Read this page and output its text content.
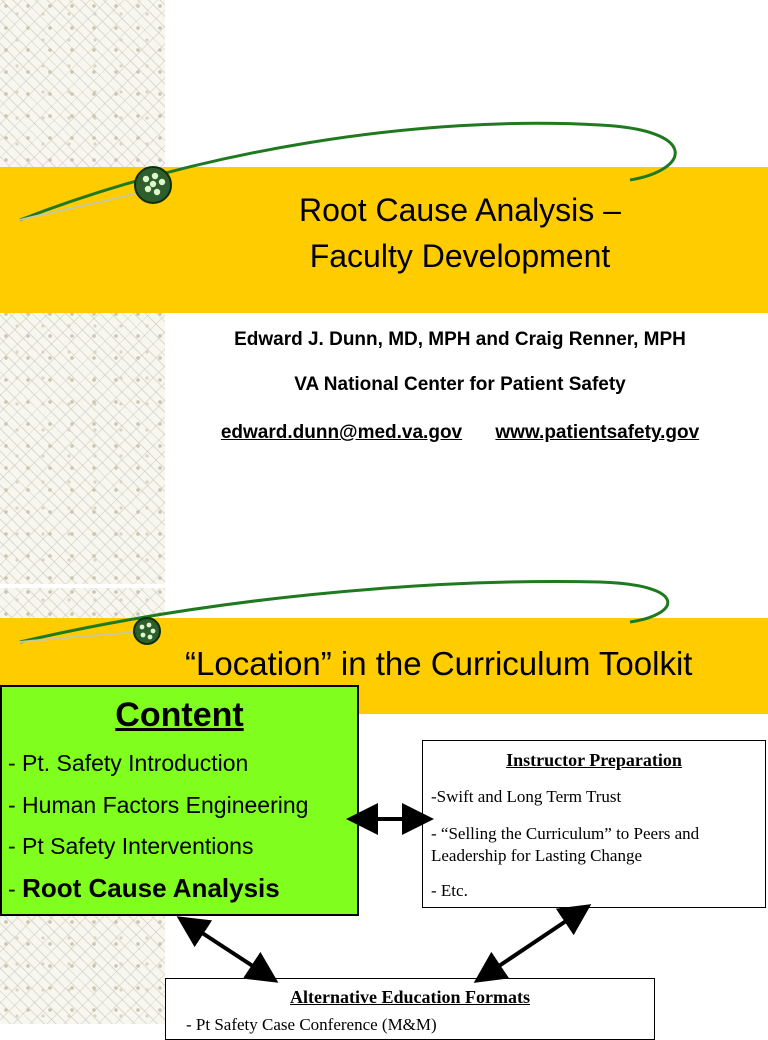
Root Cause Analysis –
Faculty Development
Edward J. Dunn, MD, MPH and Craig Renner, MPH
VA National Center for Patient Safety
edward.dunn@med.va.gov www.patientsafety.gov
“Location” in the Curriculum Toolkit
Content
- Pt. Safety Introduction
- Human Factors Engineering
- Pt Safety Interventions
- Root Cause Analysis
Instructor Preparation

-Swift and Long Term Trust

- “Selling the Curriculum” to Peers and Leadership for Lasting Change

- Etc.

Alternative Education Formats
- Pt Safety Case Conference (M&M)
